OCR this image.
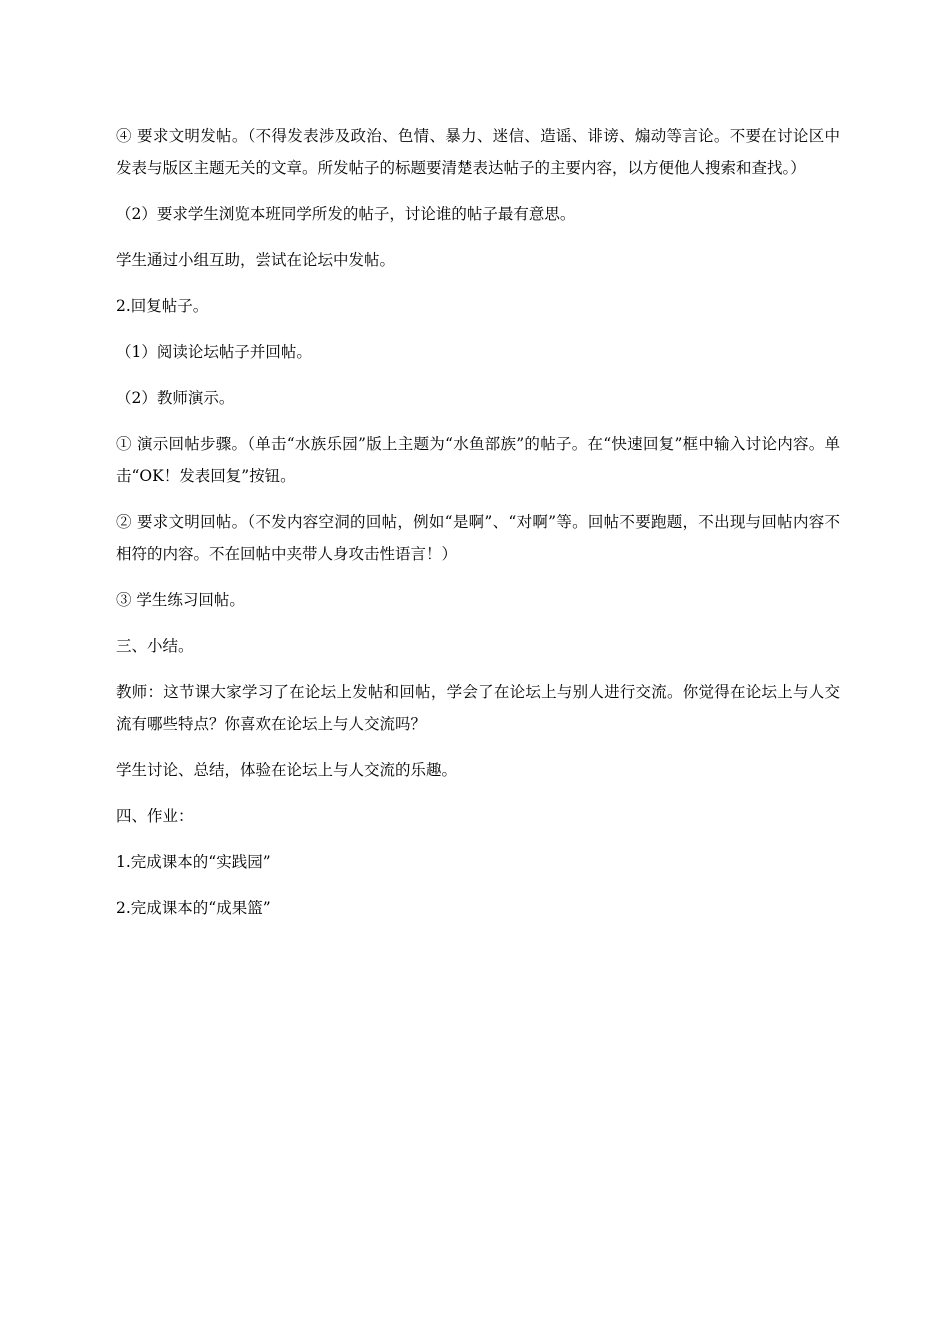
④ 要求文明发帖。（不得发表涉及政治、色情、暴力、迷信、造谣、诽谤、煽动等言论。不要在讨论区中发表与版区主题无关的文章。所发帖子的标题要清楚表达帖子的主要内容，以方便他人搜索和查找。）

（2）要求学生浏览本班同学所发的帖子，讨论谁的帖子最有意思。

学生通过小组互助，尝试在论坛中发帖。

2.回复帖子。

（1）阅读论坛帖子并回帖。

（2）教师演示。

① 演示回帖步骤。（单击“水族乐园”版上主题为“水鱼部族”的帖子。在“快速回复”框中输入讨论内容。单击“OK！发表回复”按钮。

② 要求文明回帖。（不发内容空洞的回帖，例如“是啊”、“对啊”等。回帖不要跑题，不出现与回帖内容不相符的内容。不在回帖中夹带人身攻击性语言！）

③ 学生练习回帖。

三、小结。

教师：这节课大家学习了在论坛上发帖和回帖，学会了在论坛上与别人进行交流。你觉得在论坛上与人交流有哪些特点？你喜欢在论坛上与人交流吗？

学生讨论、总结，体验在论坛上与人交流的乐趣。

四、作业：

1.完成课本的“实践园”

2.完成课本的“成果篮”
